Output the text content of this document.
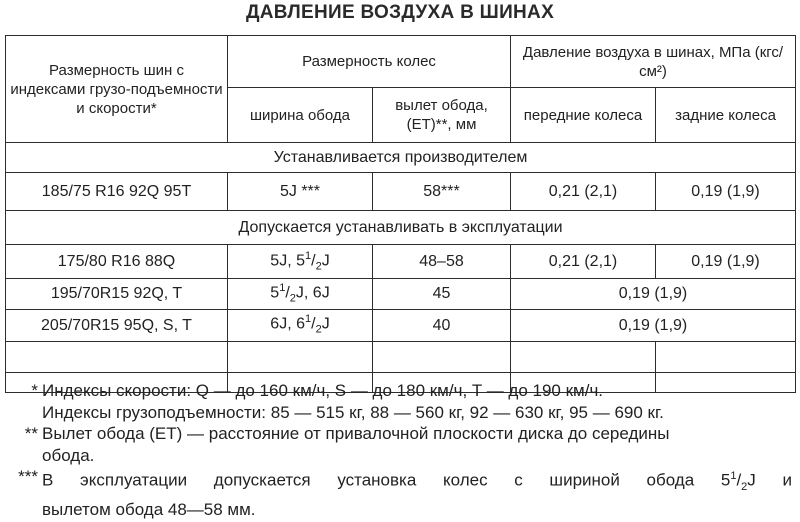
ДАВЛЕНИЕ ВОЗДУХА В ШИНАХ
Размерность шин с индексами грузо-подъемности и скорости*	Размерность колес		Давление воздуха в шинах, МПа (кгс/см²)	
	ширина обода	вылет обода, (ЕТ)**, мм	передние колеса	задние колеса
Устанавливается производителем				
185/75 R16 92Q 95T	5J ***	58***	0,21 (2,1)	0,19 (1,9)
Допускается устанавливать в эксплуатации				
175/80 R16 88Q	5J, $5^1/_2J$	48–58	0,21 (2,1)	0,19 (1,9)
195/70R15 92Q, T	$5^1/_2J$, 6J	45	0,19 (1,9)	
205/70R15 95Q, S, T	6J, $6^1/_2J$	40	0,19 (1,9)	

* Индексы скорости: Q — до 160 км/ч, S — до 180 км/ч, T — до 190 км/ч.
Индексы грузоподъемности: 85 — 515 кг, 88 — 560 кг, 92 — 630 кг, 95 — 690 кг.
** Вылет обода (ЕТ) — расстояние от привалочной плоскости диска до середины
обода.
*** В эксплуатации допускается установка колес с шириной обода $5^1/_2J$ и
вылетом обода 48—58 мм.
